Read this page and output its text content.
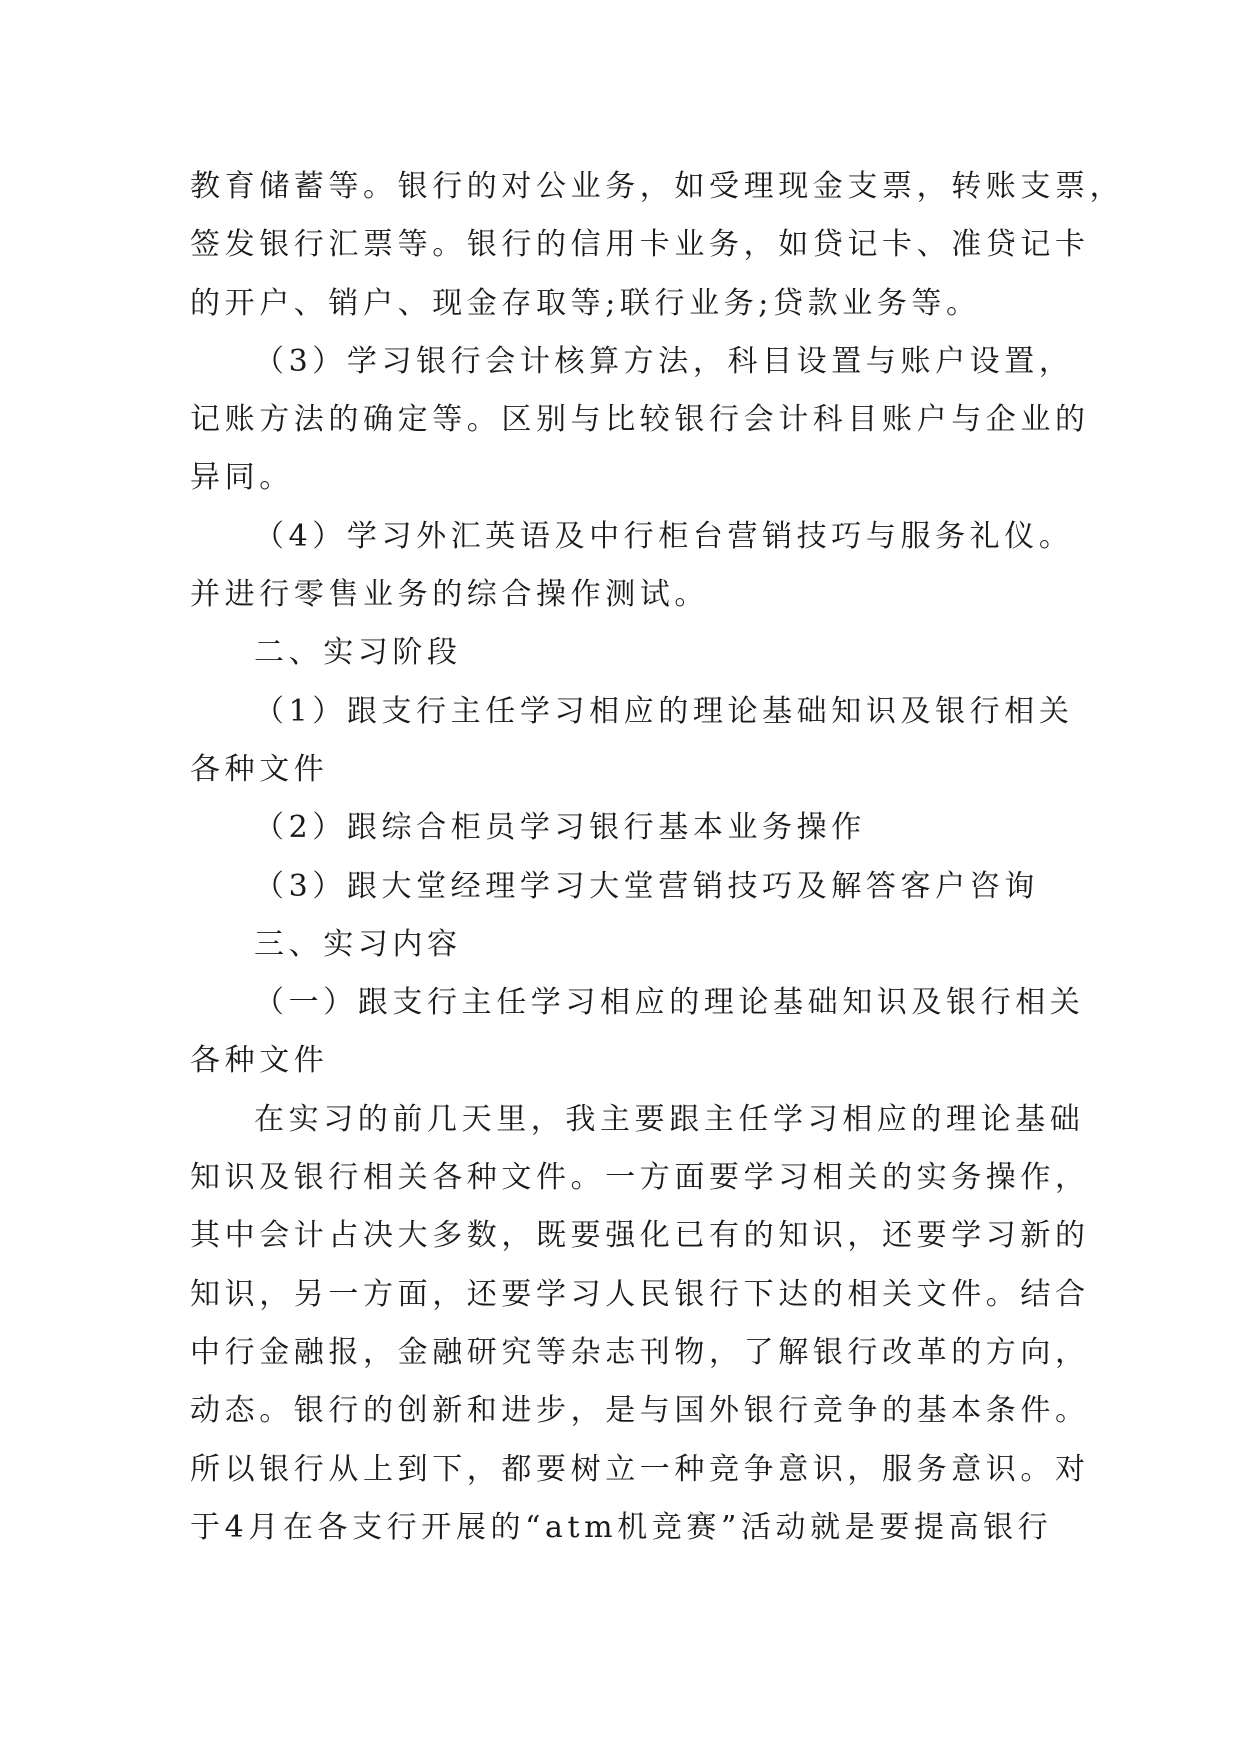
教育储蓄等。银行的对公业务，如受理现金支票，转账支票，
签发银行汇票等。银行的信用卡业务，如贷记卡、准贷记卡
的开户、销户、现金存取等;联行业务;贷款业务等。
（3）学习银行会计核算方法，科目设置与账户设置，
记账方法的确定等。区别与比较银行会计科目账户与企业的
异同。
（4）学习外汇英语及中行柜台营销技巧与服务礼仪。
并进行零售业务的综合操作测试。
二、实习阶段
（1）跟支行主任学习相应的理论基础知识及银行相关
各种文件
（2）跟综合柜员学习银行基本业务操作
（3）跟大堂经理学习大堂营销技巧及解答客户咨询
三、实习内容
（一）跟支行主任学习相应的理论基础知识及银行相关
各种文件
在实习的前几天里，我主要跟主任学习相应的理论基础
知识及银行相关各种文件。一方面要学习相关的实务操作，
其中会计占决大多数，既要强化已有的知识，还要学习新的
知识，另一方面，还要学习人民银行下达的相关文件。结合
中行金融报，金融研究等杂志刊物，了解银行改革的方向，
动态。银行的创新和进步，是与国外银行竞争的基本条件。
所以银行从上到下，都要树立一种竞争意识，服务意识。对
于4月在各支行开展的“atm机竞赛”活动就是要提高银行
